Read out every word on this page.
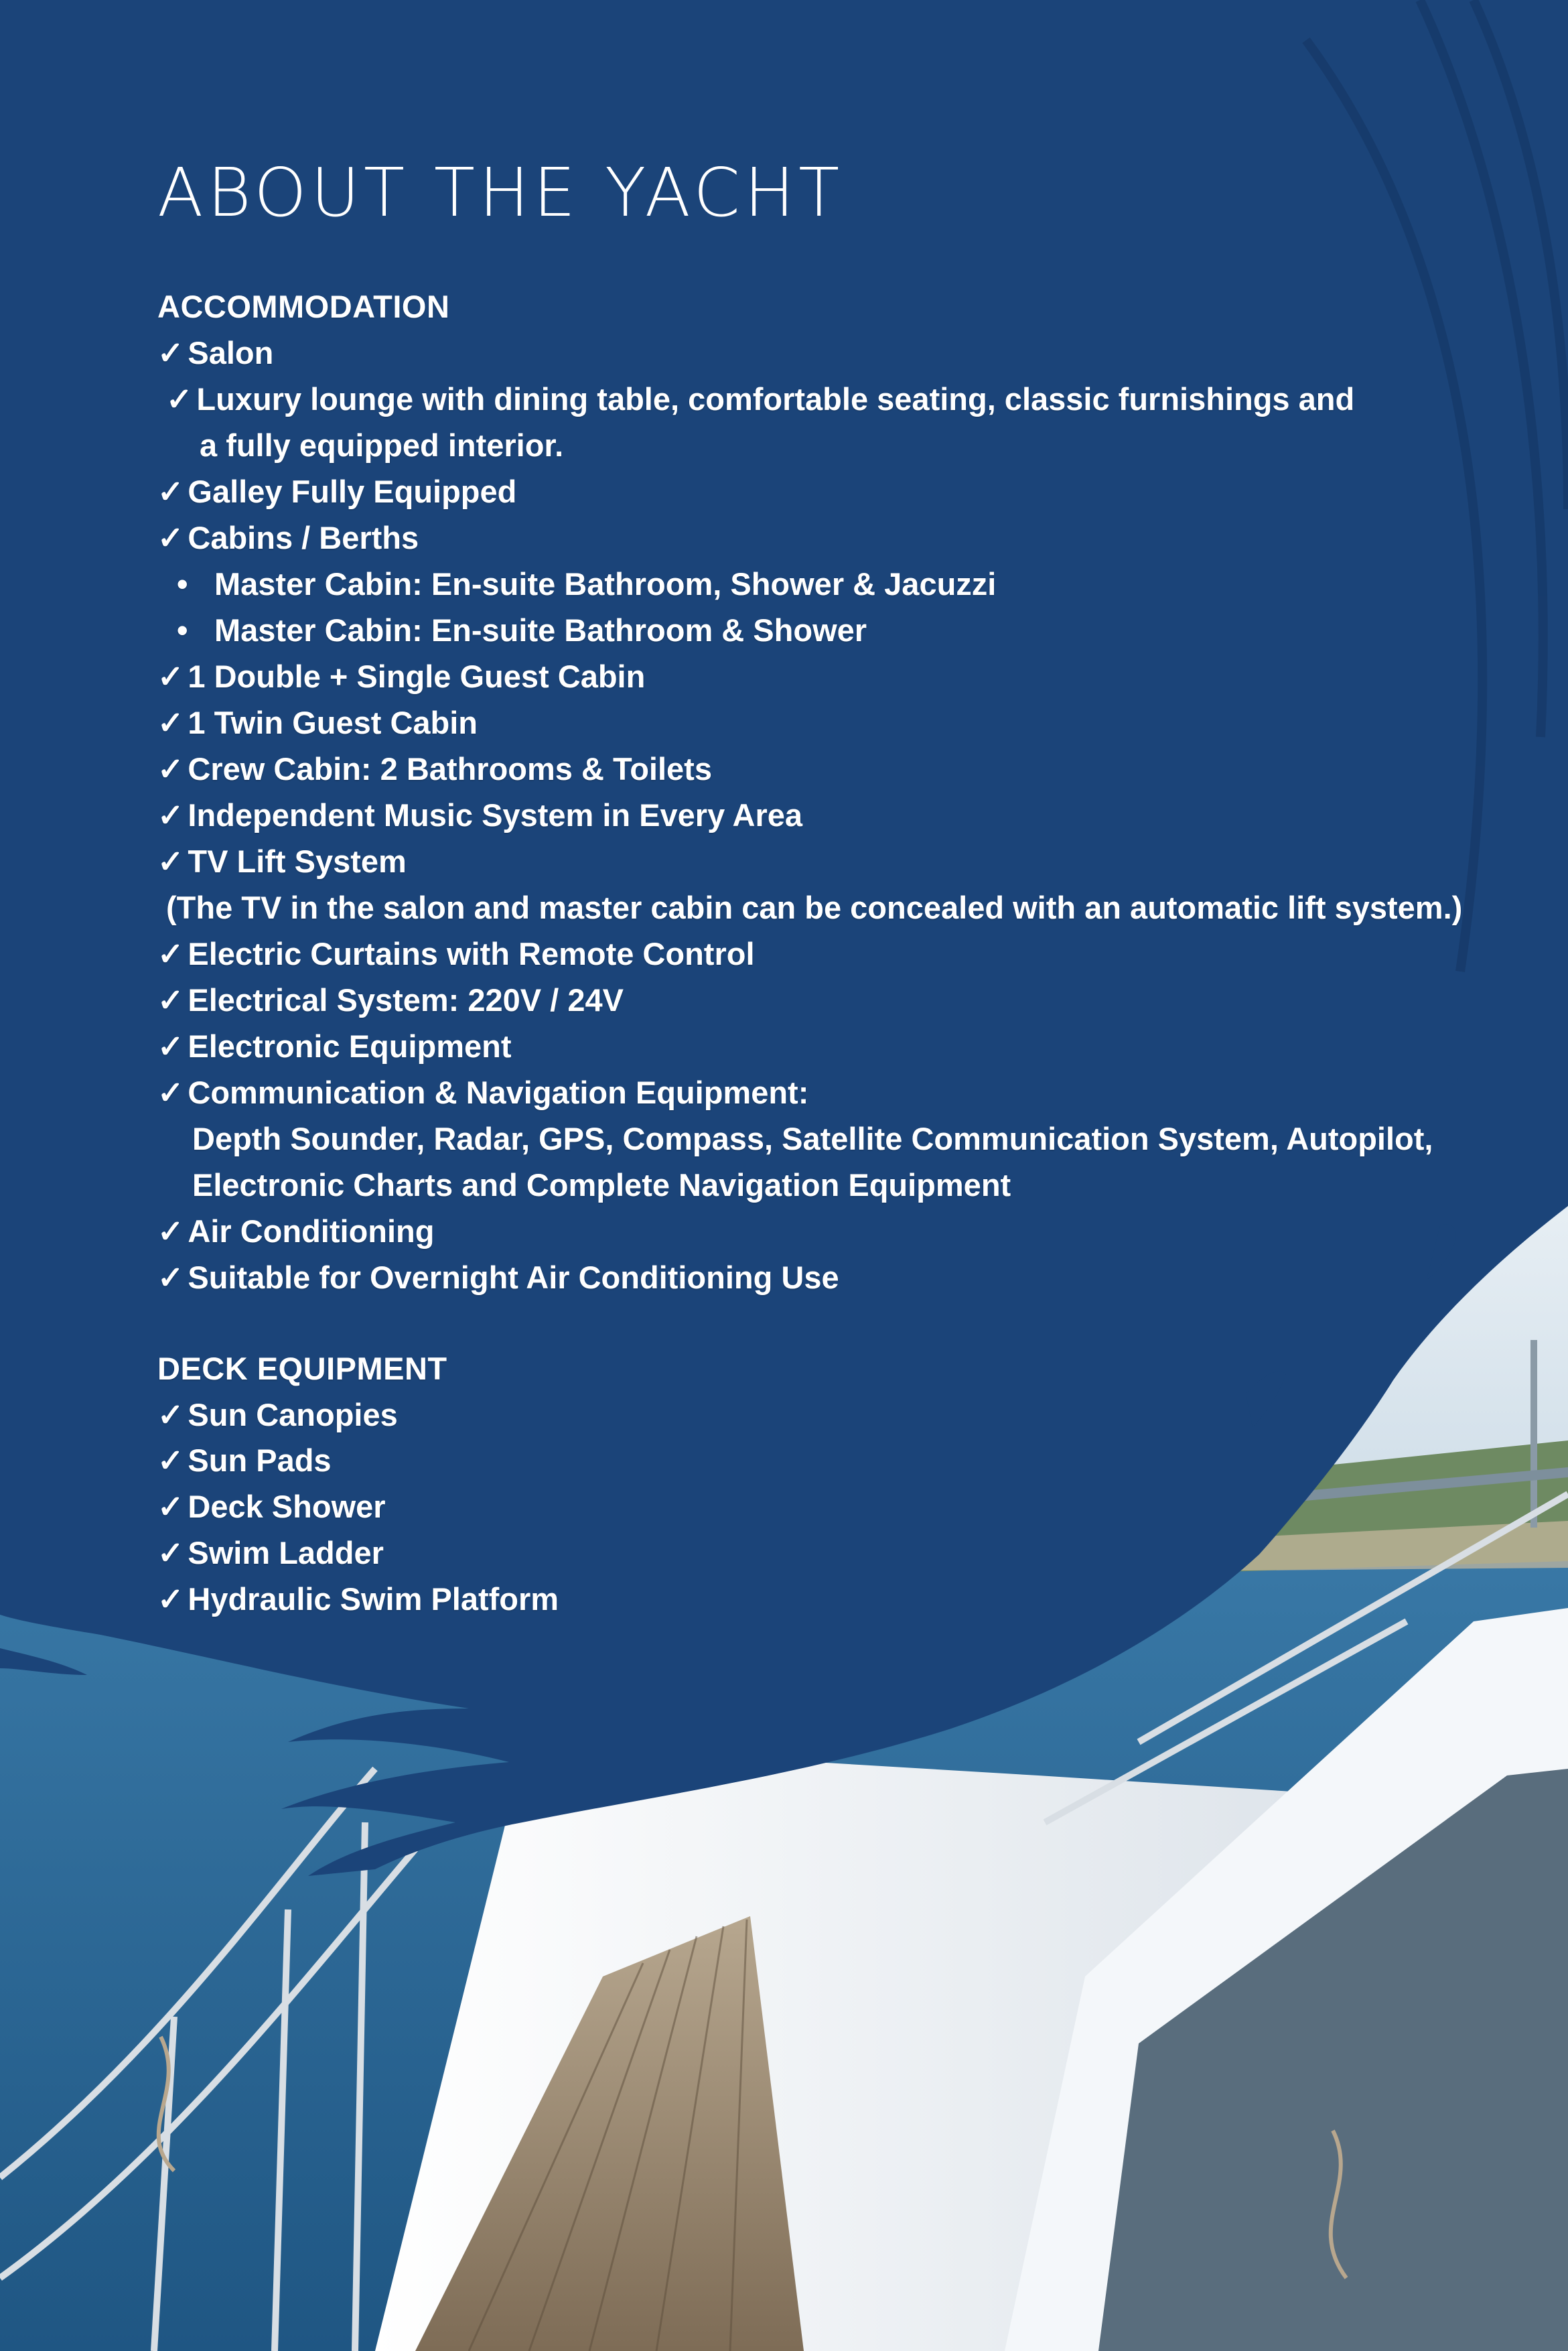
ABOUT THE YACHT
ACCOMMODATION
✓ Salon
✓ Luxury lounge with dining table, comfortable seating, classic furnishings and
a fully equipped interior.
✓ Galley Fully Equipped
✓ Cabins / Berths
• Master Cabin: En-suite Bathroom, Shower & Jacuzzi
• Master Cabin: En-suite Bathroom & Shower
✓ 1 Double + Single Guest Cabin
✓ 1 Twin Guest Cabin
✓ Crew Cabin: 2 Bathrooms & Toilets
✓ Independent Music System in Every Area
✓ TV Lift System
(The TV in the salon and master cabin can be concealed with an automatic lift system.)
✓ Electric Curtains with Remote Control
✓ Electrical System: 220V / 24V
✓ Electronic Equipment
✓ Communication & Navigation Equipment:
Depth Sounder, Radar, GPS, Compass, Satellite Communication System, Autopilot,
Electronic Charts and Complete Navigation Equipment
✓ Air Conditioning
✓ Suitable for Overnight Air Conditioning Use
DECK EQUIPMENT
✓ Sun Canopies
✓ Sun Pads
✓ Deck Shower
✓ Swim Ladder
✓ Hydraulic Swim Platform
